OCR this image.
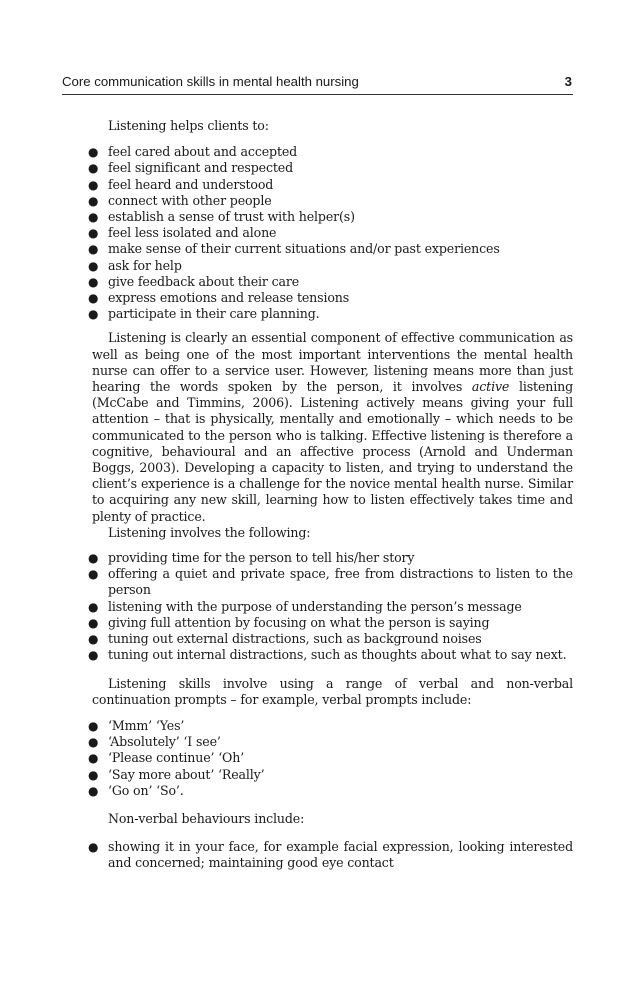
Core communication skills in mental health nursing	3

Listening helps clients to:

● feel cared about and accepted
● feel significant and respected
● feel heard and understood
● connect with other people
● establish a sense of trust with helper(s)
● feel less isolated and alone
● make sense of their current situations and/or past experiences
● ask for help
● give feedback about their care
● express emotions and release tensions
● participate in their care planning.

Listening is clearly an essential component of effective communication as well as being one of the most important interventions the mental health nurse can offer to a service user. However, listening means more than just hearing the words spoken by the person, it involves active listening (McCabe and Timmins, 2006). Listening actively means giving your full attention – that is physically, mentally and emotionally – which needs to be communicated to the person who is talking. Effective listening is therefore a cognitive, behavioural and an affective process (Arnold and Underman Boggs, 2003). Developing a capacity to listen, and trying to understand the client’s experience is a challenge for the novice mental health nurse. Similar to acquiring any new skill, learning how to listen effectively takes time and plenty of practice.

Listening involves the following:

● providing time for the person to tell his/her story
● offering a quiet and private space, free from distractions to listen to the person
● listening with the purpose of understanding the person’s message
● giving full attention by focusing on what the person is saying
● tuning out external distractions, such as background noises
● tuning out internal distractions, such as thoughts about what to say next.

Listening skills involve using a range of verbal and non-verbal continuation prompts – for example, verbal prompts include:

● ‘Mmm’ ‘Yes’
● ‘Absolutely’ ‘I see’
● ‘Please continue’ ‘Oh’
● ‘Say more about’ ‘Really’
● ‘Go on’ ‘So’.

Non-verbal behaviours include:

● showing it in your face, for example facial expression, looking interested and concerned; maintaining good eye contact
